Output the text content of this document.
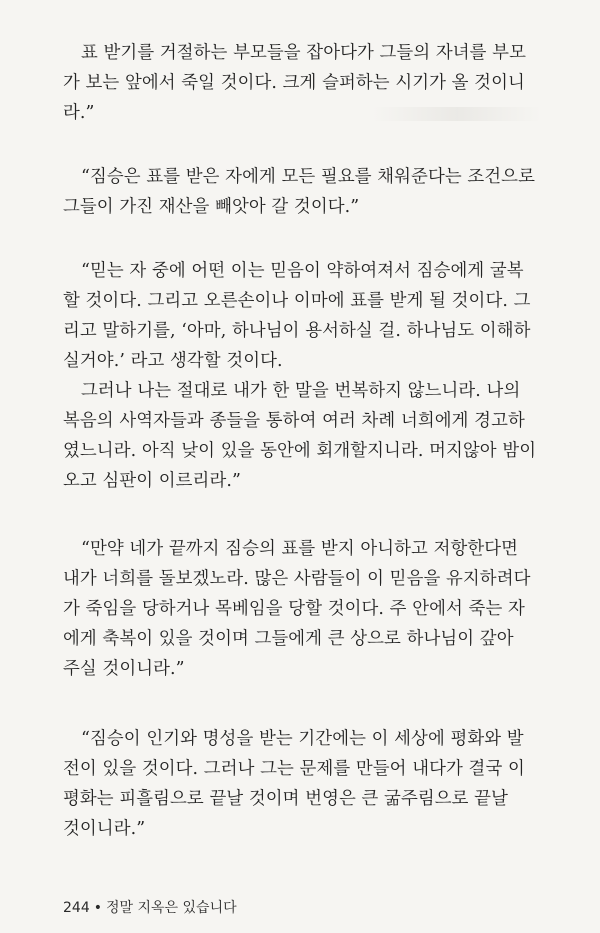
표 받기를 거절하는 부모들을 잡아다가 그들의 자녀를 부모
가 보는 앞에서 죽일 것이다. 크게 슬퍼하는 시기가 올 것이니
라.”
“짐승은 표를 받은 자에게 모든 필요를 채워준다는 조건으로
그들이 가진 재산을 빼앗아 갈 것이다.”
“믿는 자 중에 어떤 이는 믿음이 약하여져서 짐승에게 굴복
할 것이다. 그리고 오른손이나 이마에 표를 받게 될 것이다. 그
리고 말하기를, ‘아마, 하나님이 용서하실 걸. 하나님도 이해하
실거야.’ 라고 생각할 것이다.
그러나 나는 절대로 내가 한 말을 번복하지 않느니라. 나의
복음의 사역자들과 종들을 통하여 여러 차례 너희에게 경고하
였느니라. 아직 낮이 있을 동안에 회개할지니라. 머지않아 밤이
오고 심판이 이르리라.”
“만약 네가 끝까지 짐승의 표를 받지 아니하고 저항한다면
내가 너희를 돌보겠노라. 많은 사람들이 이 믿음을 유지하려다
가 죽임을 당하거나 목베임을 당할 것이다. 주 안에서 죽는 자
에게 축복이 있을 것이며 그들에게 큰 상으로 하나님이 갚아
주실 것이니라.”
“짐승이 인기와 명성을 받는 기간에는 이 세상에 평화와 발
전이 있을 것이다. 그러나 그는 문제를 만들어 내다가 결국 이
평화는 피흘림으로 끝날 것이며 번영은 큰 굶주림으로 끝날
것이니라.”
244 • 정말 지옥은 있습니다
